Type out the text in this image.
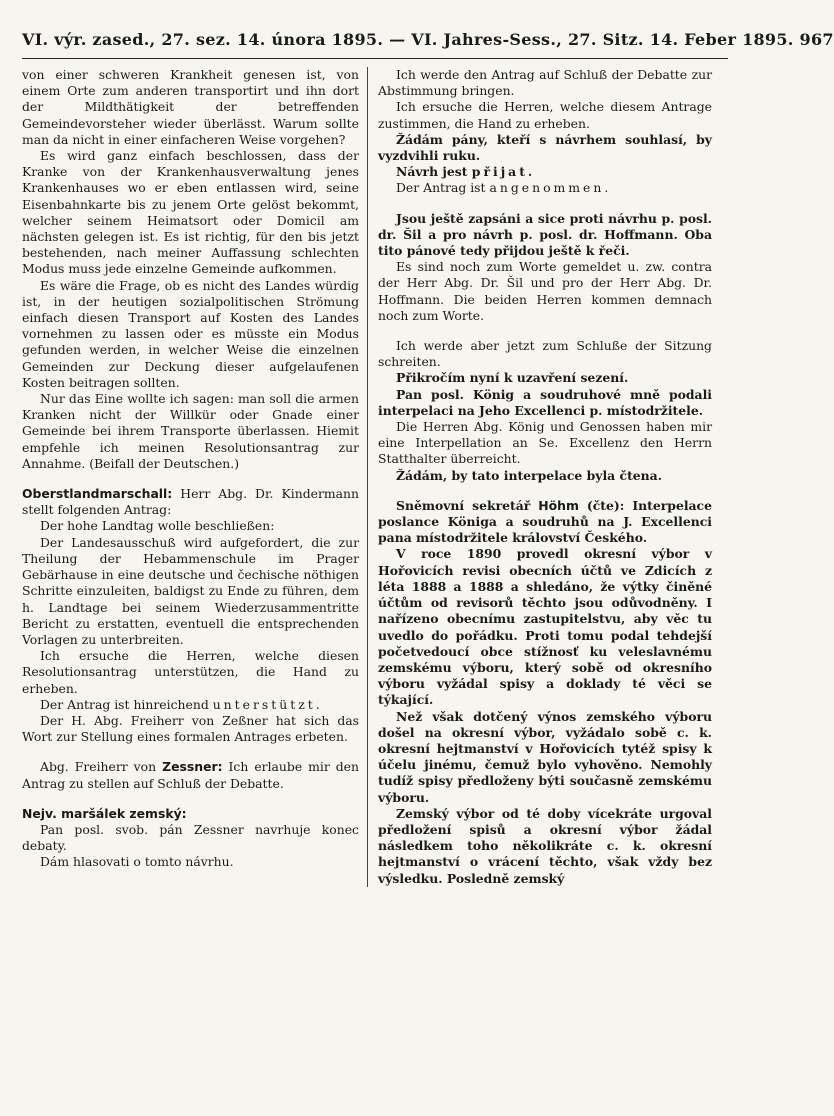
VI. výr. zased., 27. sez. 14. února 1895. — VI. Jahres-Sess., 27. Sitz. 14. Feber 1895. 967

von einer schweren Krankheit genesen ist, von einem Orte zum anderen transportirt und ihn dort der Mildthätigkeit der betreffenden Gemeindevorsteher wieder überlässt. Warum sollte man da nicht in einer einfacheren Weise vorgehen?

Es wird ganz einfach beschlossen, dass der Kranke von der Krankenhausverwaltung jenes Krankenhauses wo er eben entlassen wird, seine Eisenbahnkarte bis zu jenem Orte gelöst bekommt, welcher seinem Heimatsort oder Domicil am nächsten gelegen ist. Es ist richtig, für den bis jetzt bestehenden, nach meiner Auffassung schlechten Modus muss jede einzelne Gemeinde aufkommen.

Es wäre die Frage, ob es nicht des Landes würdig ist, in der heutigen sozialpolitischen Strömung einfach diesen Transport auf Kosten des Landes vornehmen zu lassen oder es müsste ein Modus gefunden werden, in welcher Weise die einzelnen Gemeinden zur Deckung dieser aufgelaufenen Kosten beitragen sollten.

Nur das Eine wollte ich sagen: man soll die armen Kranken nicht der Willkür oder Gnade einer Gemeinde bei ihrem Transporte überlassen. Hiemit empfehle ich meinen Resolutionsantrag zur Annahme. (Beifall der Deutschen.)

Oberstlandmarschall: Herr Abg. Dr. Kindermann stellt folgenden Antrag:

Der hohe Landtag wolle beschließen:

Der Landesausschuß wird aufgefordert, die zur Theilung der Hebammenschule im Prager Gebärhause in eine deutsche und čechische nöthigen Schritte einzuleiten, baldigst zu Ende zu führen, dem h. Landtage bei seinem Wiederzusammentritte Bericht zu erstatten, eventuell die entsprechenden Vorlagen zu unterbreiten.

Ich ersuche die Herren, welche diesen Resolutionsantrag unterstützen, die Hand zu erheben.

Der Antrag ist hinreichend unterstützt.

Der H. Abg. Freiherr von Zeßner hat sich das Wort zur Stellung eines formalen Antrages erbeten.

Abg. Freiherr von Zessner: Ich erlaube mir den Antrag zu stellen auf Schluß der Debatte.

Nejv. maršálek zemský:

Pan posl. svob. pán Zessner navrhuje konec debaty.

Dám hlasovati o tomto návrhu.

Ich werde den Antrag auf Schluß der Debatte zur Abstimmung bringen.

Ich ersuche die Herren, welche diesem Antrage zustimmen, die Hand zu erheben.

Žádám pány, kteří s návrhem souhlasí, by vyzdvihli ruku.

Návrh jest přijat.

Der Antrag ist angenommen.

Jsou ještě zapsáni a sice proti návrhu p. posl. dr. Šil a pro návrh p. posl. dr. Hoffmann. Oba tito pánové tedy přijdou ještě k řeči.

Es sind noch zum Worte gemeldet u. zw. contra der Herr Abg. Dr. Šil und pro der Herr Abg. Dr. Hoffmann. Die beiden Herren kommen demnach noch zum Worte.

Ich werde aber jetzt zum Schluße der Sitzung schreiten.

Přikročím nyní k uzavření sezení.

Pan posl. König a soudruhové mně podali interpelaci na Jeho Excellenci p. místodržitele.

Die Herren Abg. König und Genossen haben mir eine Interpellation an Se. Excellenz den Herrn Statthalter überreicht.

Žádám, by tato interpelace byla čtena.

Sněmovní sekretář Höhm (čte): Interpelace poslance Königa a soudruhů na J. Excellenci pana místodržitele království Českého.

V roce 1890 provedl okresní výbor v Hořovicích revisi obecních účtů ve Zdicích z léta 1888 a 1888 a shledáno, že výtky činěné účtům od revisorů těchto jsou odůvodněny. I nařízeno obecnímu zastupitelstvu, aby věc tu uvedlo do pořádku. Proti tomu podal tehdejší početvedoucí obce stížnosť ku veleslavnému zemskému výboru, který sobě od okresního výboru vyžádal spisy a doklady té věci se týkající.

Než však dotčený výnos zemského výboru došel na okresní výbor, vyžádalo sobě c. k. okresní hejtmanství v Hořovicích tytéž spisy k účelu jinému, čemuž bylo vyhověno. Nemohly tudíž spisy předloženy býti současně zemskému výboru.

Zemský výbor od té doby vícekráte urgoval předložení spisů a okresní výbor žádal následkem toho několikráte c. k. okresní hejtmanství o vrácení těchto, však vždy bez výsledku. Posledně zemský
